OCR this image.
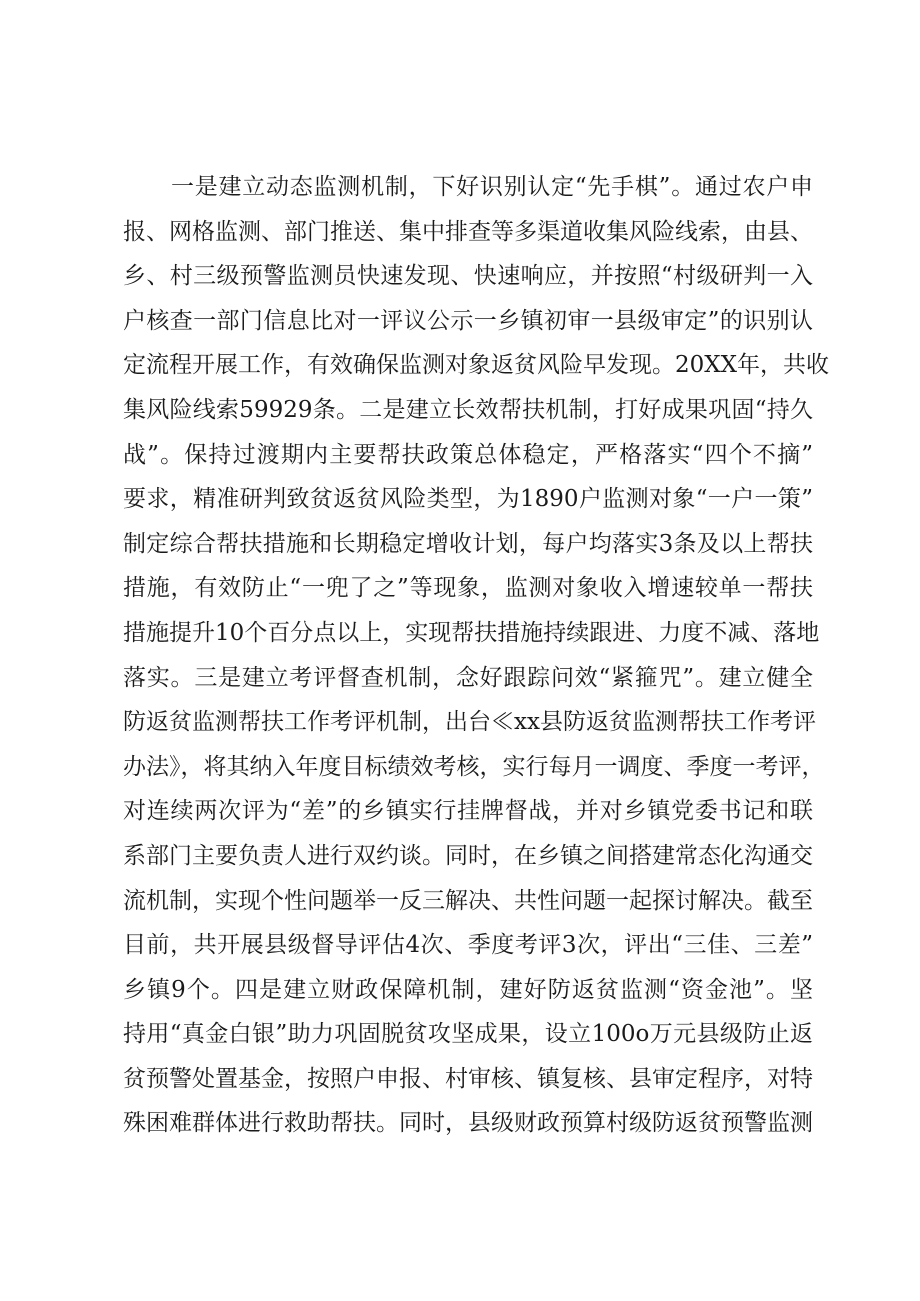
一是建立动态监测机制，下好识别认定“先手棋”。通过农户申
报、网格监测、部门推送、集中排查等多渠道收集风险线索，由县、
乡、村三级预警监测员快速发现、快速响应，并按照“村级研判一入
户核查一部门信息比对一评议公示一乡镇初审一县级审定”的识别认
定流程开展工作，有效确保监测对象返贫风险早发现。20XX年，共收
集风险线索59929条。二是建立长效帮扶机制，打好成果巩固“持久
战”。保持过渡期内主要帮扶政策总体稳定，严格落实“四个不摘”
要求，精准研判致贫返贫风险类型，为1890户监测对象“一户一策”
制定综合帮扶措施和长期稳定增收计划，每户均落实3条及以上帮扶
措施，有效防止“一兜了之”等现象，监测对象收入增速较单一帮扶
措施提升10个百分点以上，实现帮扶措施持续跟进、力度不减、落地
落实。三是建立考评督查机制，念好跟踪问效“紧箍咒”。建立健全
防返贫监测帮扶工作考评机制，出台≪xx县防返贫监测帮扶工作考评
办法》，将其纳入年度目标绩效考核，实行每月一调度、季度一考评，
对连续两次评为“差”的乡镇实行挂牌督战，并对乡镇党委书记和联
系部门主要负责人进行双约谈。同时，在乡镇之间搭建常态化沟通交
流机制，实现个性问题举一反三解决、共性问题一起探讨解决。截至
目前，共开展县级督导评估4次、季度考评3次，评出“三佳、三差”
乡镇9个。四是建立财政保障机制，建好防返贫监测“资金池”。坚
持用“真金白银”助力巩固脱贫攻坚成果，设立100o万元县级防止返
贫预警处置基金，按照户申报、村审核、镇复核、县审定程序，对特
殊困难群体进行救助帮扶。同时，县级财政预算村级防返贫预警监测
